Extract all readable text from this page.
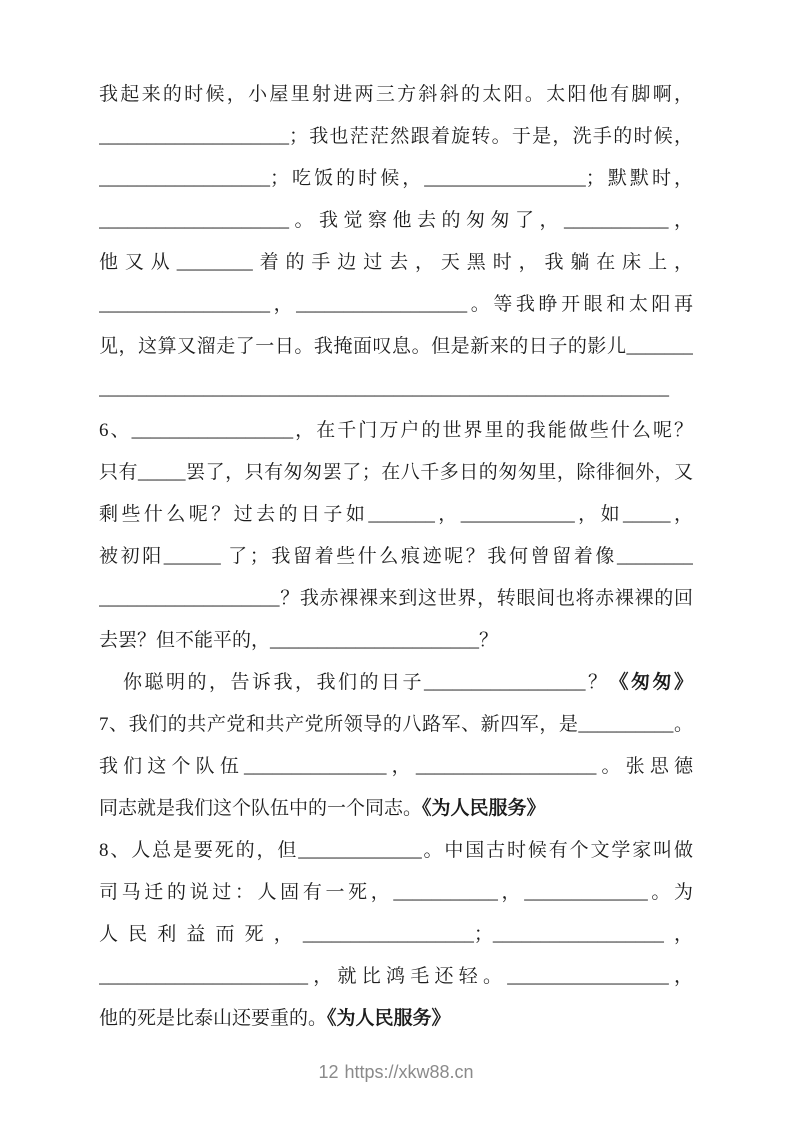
我起来的时候，小屋里射进两三方斜斜的太阳。太阳他有脚啊，
____________________；我也茫茫然跟着旋转。于是，洗手的时候，
__________________；吃饭的时候，_________________；默默时，
____________________。我觉察他去的匆匆了，___________，
他又从________着的手边过去，天黑时，我躺在床上，
__________________，__________________。等我睁开眼和太阳再
见，这算又溜走了一日。我掩面叹息。但是新来的日子的影儿_______
____________________________________________________________
6、_________________，在千门万户的世界里的我能做些什么呢？
只有_____罢了，只有匆匆罢了；在八千多日的匆匆里，除徘徊外，又
剩些什么呢？过去的日子如_______，____________，如_____，
被初阳______ 了；我留着些什么痕迹呢？我何曾留着像________
___________________？我赤裸裸来到这世界，转眼间也将赤裸裸的回
去罢？但不能平的，______________________？
你聪明的，告诉我，我们的日子_________________？《匆匆》
7、我们的共产党和共产党所领导的八路军、新四军，是__________。
我们这个队伍_______________，___________________。张思德
同志就是我们这个队伍中的一个同志。《为人民服务》
8、人总是要死的，但_____________。中国古时候有个文学家叫做
司马迁的说过：人固有一死，___________，_____________。为
人民利益而死，__________________；__________________，
______________________，就比鸿毛还轻。_________________，
他的死是比泰山还要重的。《为人民服务》
12 https://xkw88.cn
